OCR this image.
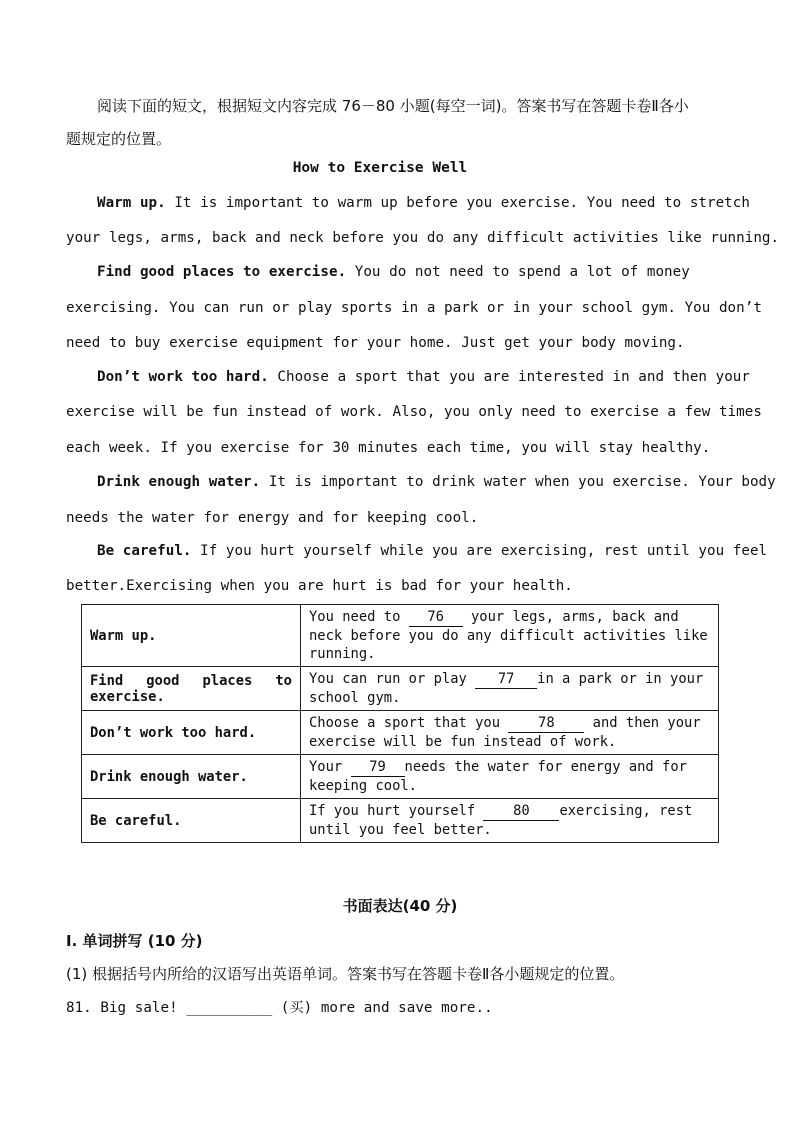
阅读下面的短文，根据短文内容完成 76－80 小题(每空一词)。答案书写在答题卡卷Ⅱ各小
题规定的位置。
How to Exercise Well
Warm up. It is important to warm up before you exercise. You need to stretch
your legs, arms, back and neck before you do any difficult activities like running.
Find good places to exercise. You do not need to spend a lot of money
exercising. You can run or play sports in a park or in your school gym. You don’t
need to buy exercise equipment for your home. Just get your body moving.
Don’t work too hard. Choose a sport that you are interested in and then your
exercise will be fun instead of work. Also, you only need to exercise a few times
each week. If you exercise for 30 minutes each time, you will stay healthy.
Drink enough water. It is important to drink water when you exercise. Your body
needs the water for energy and for keeping cool.
Be careful. If you hurt yourself while you are exercising, rest until you feel
better.Exercising when you are hurt is bad for your health.
Warm up.	You need to 76 your legs, arms, back and neck before you do any difficult activities like running.

Find good places to
exercise.	You can run or play 77 in a park or in your school gym.
Don’t work too hard.	Choose a sport that you 78 and then your exercise will be fun instead of work.
Drink enough water.	Your 79 needs the water for energy and for keeping cool.
Be careful.	If you hurt yourself 80 exercising, rest until you feel better.
书面表达(40 分)
Ⅰ. 单词拼写 (10 分)
(1) 根据括号内所给的汉语写出英语单词。答案书写在答题卡卷Ⅱ各小题规定的位置。
81. Big sale! __________ (买) more and save more..
